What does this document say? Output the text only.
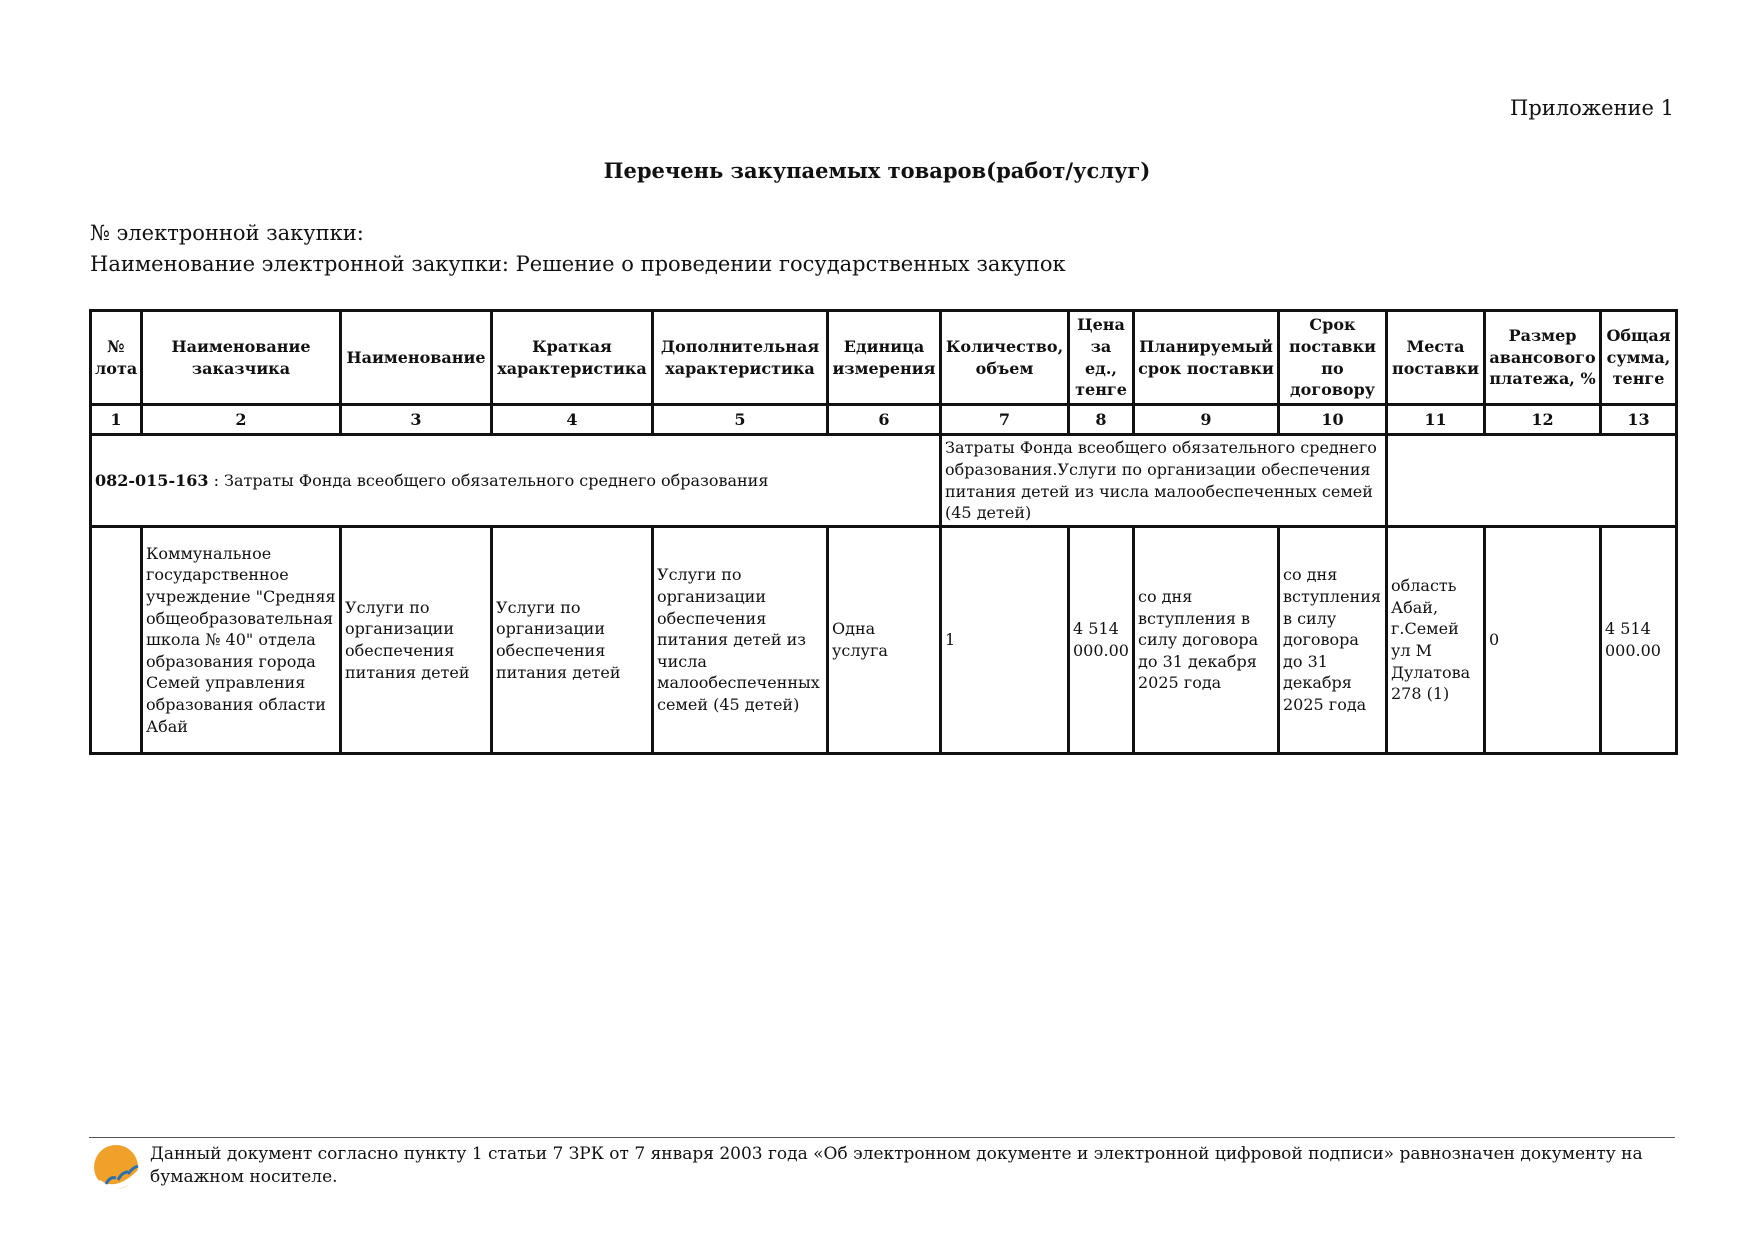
Приложение 1
Перечень закупаемых товаров(работ/услуг)
№ электронной закупки:
Наименование электронной закупки: Решение о проведении государственных закупок
№ лота	Наименование заказчика	Наименование	Краткая характеристика	Дополнительная характеристика	Единица измерения	Количество, объем	Цена за ед., тенге	Планируемый срок поставки	Срок поставки по договору	Места поставки	Размер авансового платежа, %	Общая сумма, тенге
1	2	3	4	5	6	7	8	9	10	11	12	13
082-015-163 : Затраты Фонда всеобщего обязательного среднего образования						Затраты Фонда всеобщего обязательного среднего образования.Услуги по организации обеспечения питания детей из числа малообеспеченных семей (45 детей)						
	Коммунальное государственное учреждение "Средняя общеобразовательная школа № 40" отдела образования города Семей управления образования области Абай	Услуги по организации обеспечения питания детей	Услуги по организации обеспечения питания детей	Услуги по организации обеспечения питания детей из числа малообеспеченных семей (45 детей)	Одна услуга	1	4 514 000.00	со дня вступления в силу договора до 31 декабря 2025 года	со дня вступления в силу договора до 31 декабря 2025 года	область Абай, г.Семей ул М Дулатова 278 (1)	0	4 514 000.00
Данный документ согласно пункту 1 статьи 7 ЗРК от 7 января 2003 года «Об электронном документе и электронной цифровой подписи» равнозначен документу на бумажном носителе.
